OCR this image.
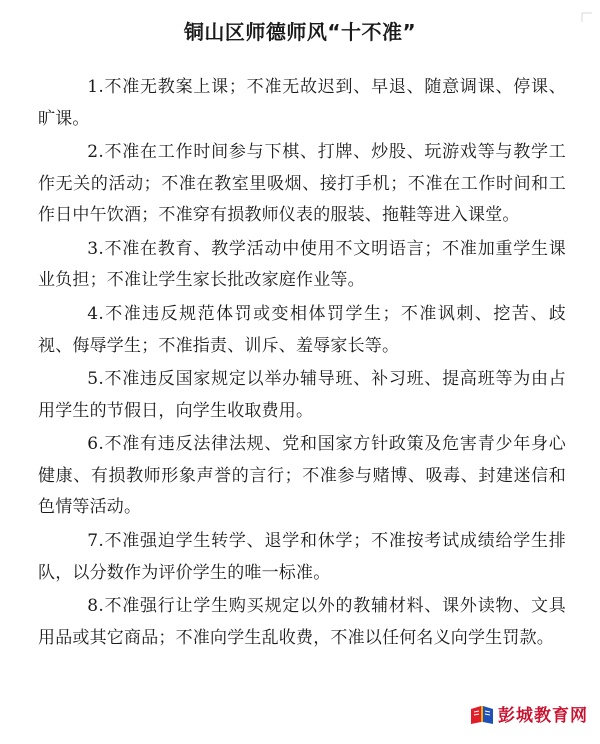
铜山区师德师风“十不准”
1.不准无教案上课；不准无故迟到、早退、随意调课、停课、旷课。
2.不准在工作时间参与下棋、打牌、炒股、玩游戏等与教学工作无关的活动；不准在教室里吸烟、接打手机；不准在工作时间和工作日中午饮酒；不准穿有损教师仪表的服装、拖鞋等进入课堂。
3.不准在教育、教学活动中使用不文明语言；不准加重学生课业负担；不准让学生家长批改家庭作业等。
4.不准违反规范体罚或变相体罚学生；不准讽刺、挖苦、歧视、侮辱学生；不准指责、训斥、羞辱家长等。
5.不准违反国家规定以举办辅导班、补习班、提高班等为由占用学生的节假日，向学生收取费用。
6.不准有违反法律法规、党和国家方针政策及危害青少年身心健康、有损教师形象声誉的言行；不准参与赌博、吸毒、封建迷信和色情等活动。
7.不准强迫学生转学、退学和休学；不准按考试成绩给学生排队，以分数作为评价学生的唯一标准。
8.不准强行让学生购买规定以外的教辅材料、课外读物、文具用品或其它商品；不准向学生乱收费，不准以任何名义向学生罚款。
彭城教育网
